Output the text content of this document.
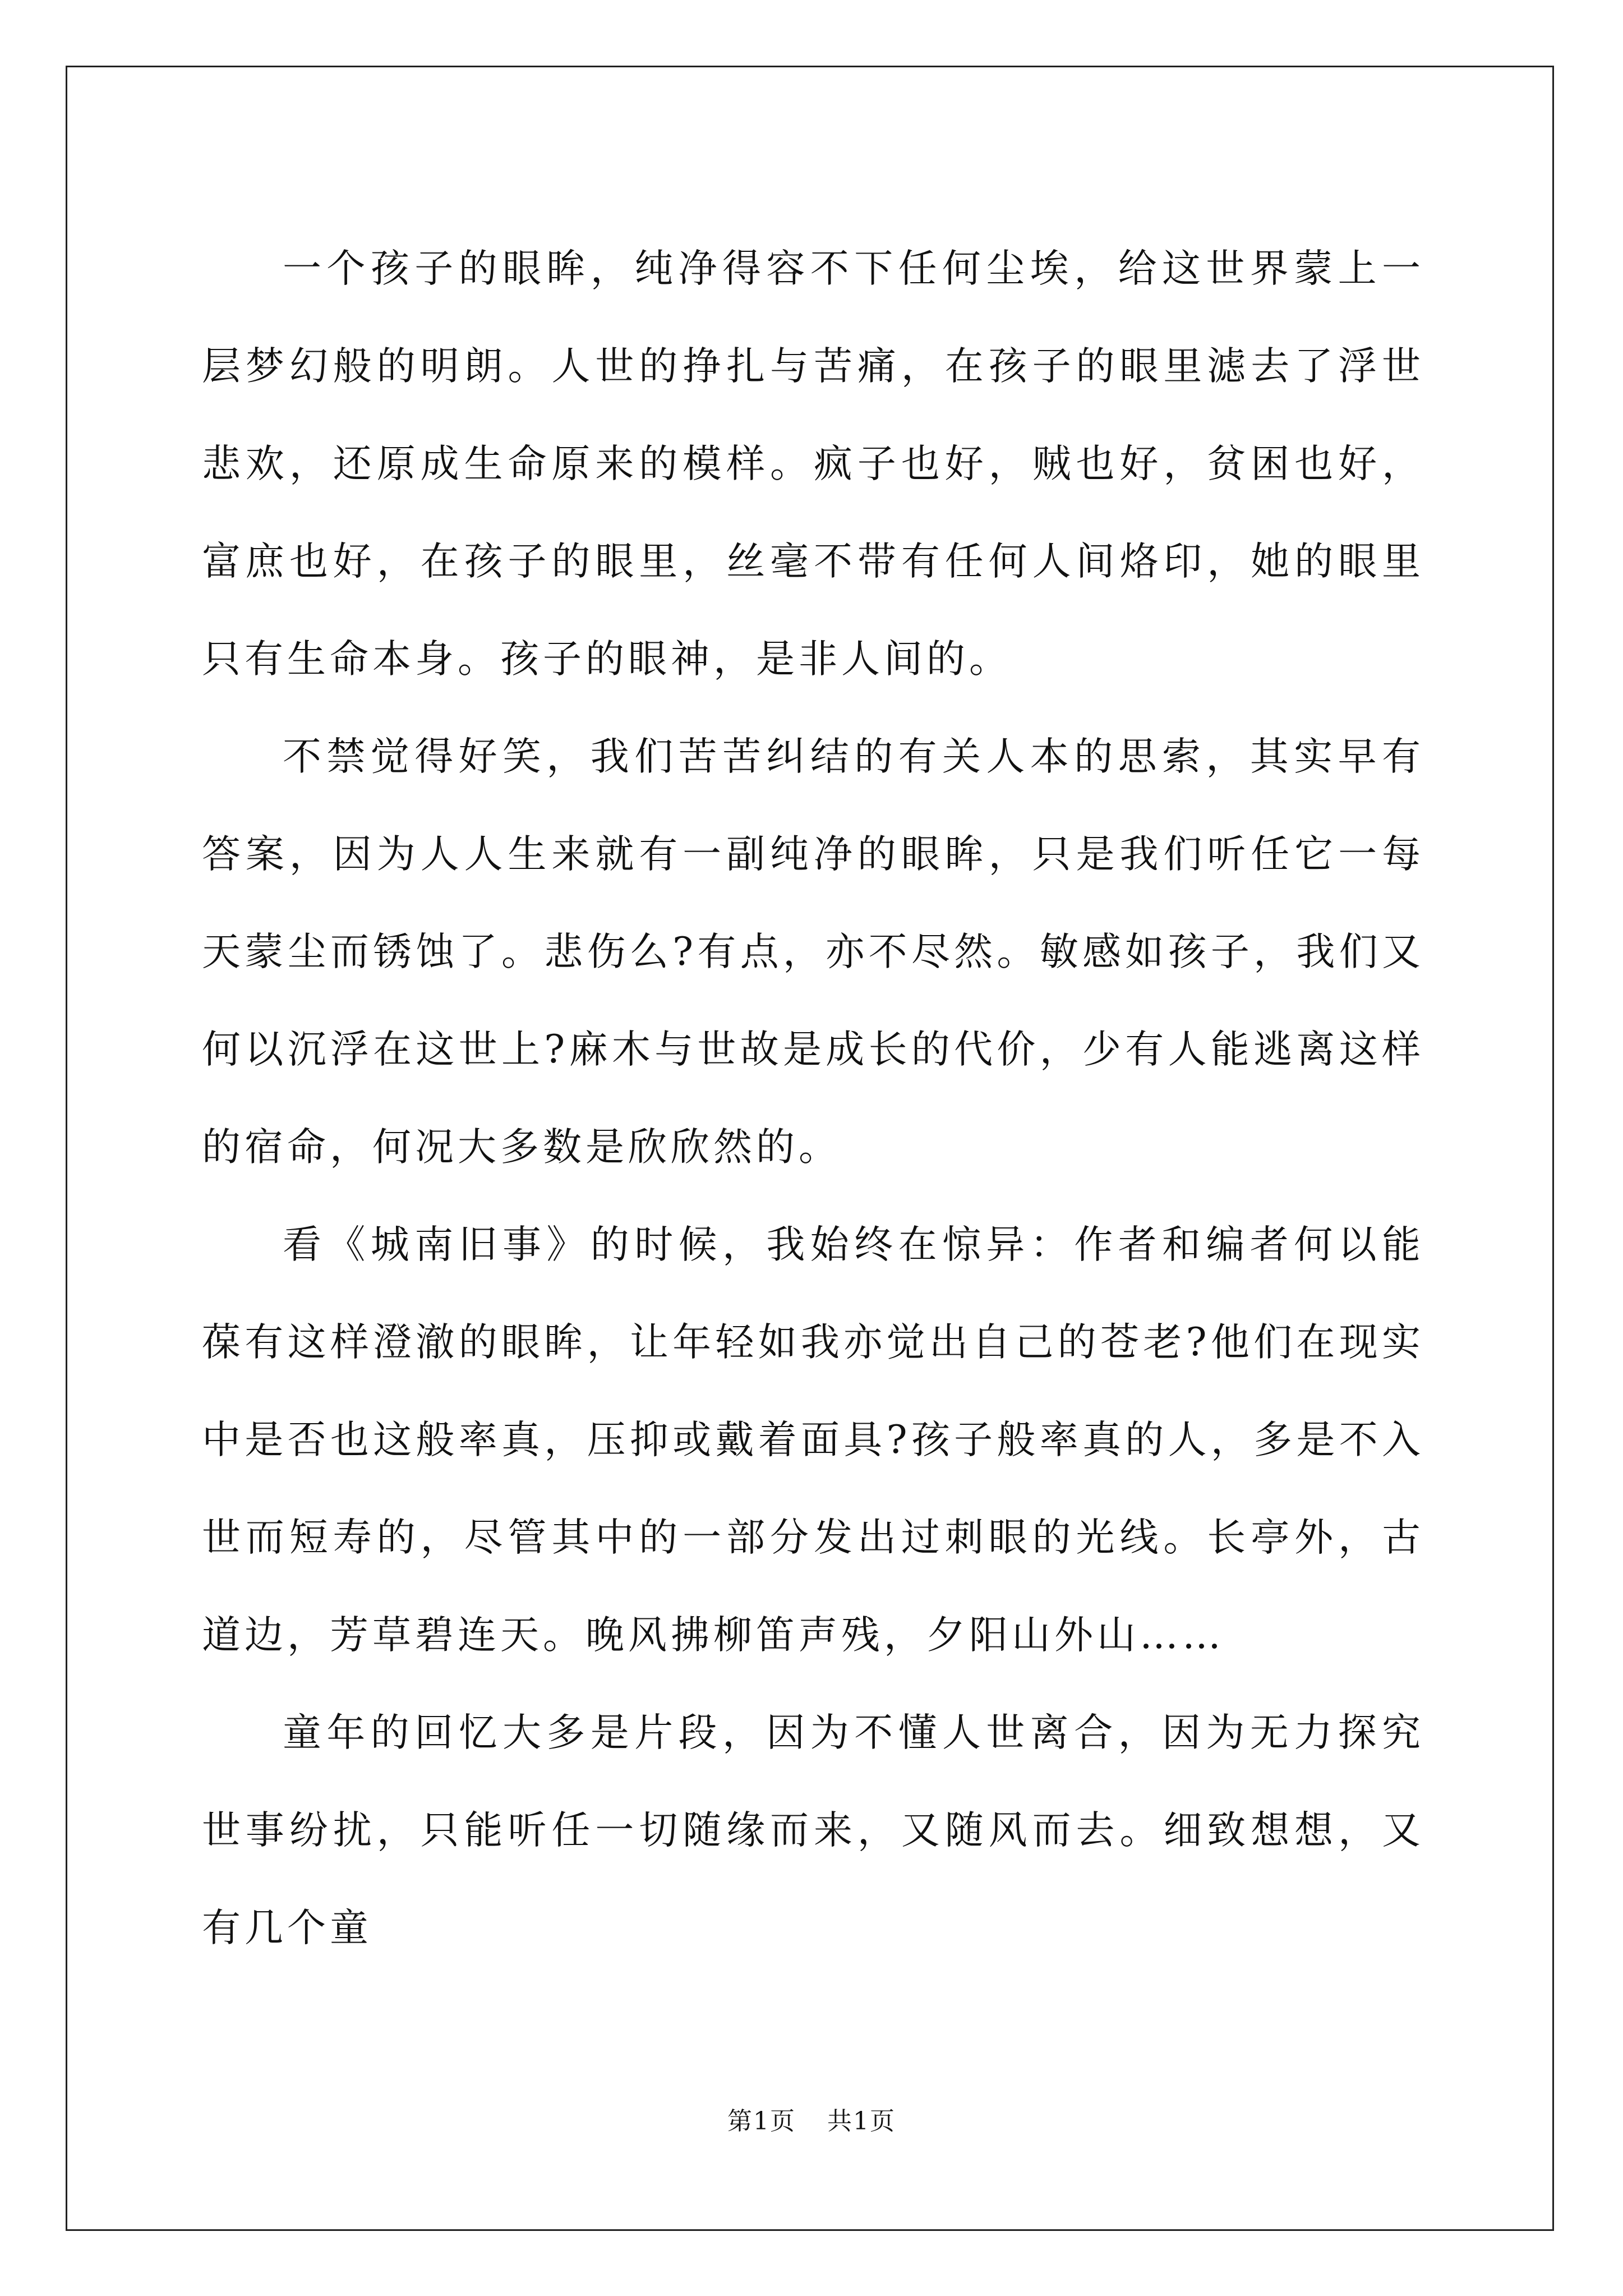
一个孩子的眼眸，纯净得容不下任何尘埃，给这世界蒙上一层梦幻般的明朗。人世的挣扎与苦痛，在孩子的眼里滤去了浮世悲欢，还原成生命原来的模样。疯子也好，贼也好，贫困也好，富庶也好，在孩子的眼里，丝毫不带有任何人间烙印，她的眼里只有生命本身。孩子的眼神，是非人间的。

不禁觉得好笑，我们苦苦纠结的有关人本的思索，其实早有答案，因为人人生来就有一副纯净的眼眸，只是我们听任它一每天蒙尘而锈蚀了。悲伤么?有点，亦不尽然。敏感如孩子，我们又何以沉浮在这世上?麻木与世故是成长的代价，少有人能逃离这样的宿命，何况大多数是欣欣然的。

看《城南旧事》的时候，我始终在惊异：作者和编者何以能葆有这样澄澈的眼眸，让年轻如我亦觉出自己的苍老?他们在现实中是否也这般率真，压抑或戴着面具?孩子般率真的人，多是不入世而短寿的，尽管其中的一部分发出过刺眼的光线。长亭外，古道边，芳草碧连天。晚风拂柳笛声残，夕阳山外山……

童年的回忆大多是片段，因为不懂人世离合，因为无力探究世事纷扰，只能听任一切随缘而来，又随风而去。细致想想，又有几个童

第1页 共1页
